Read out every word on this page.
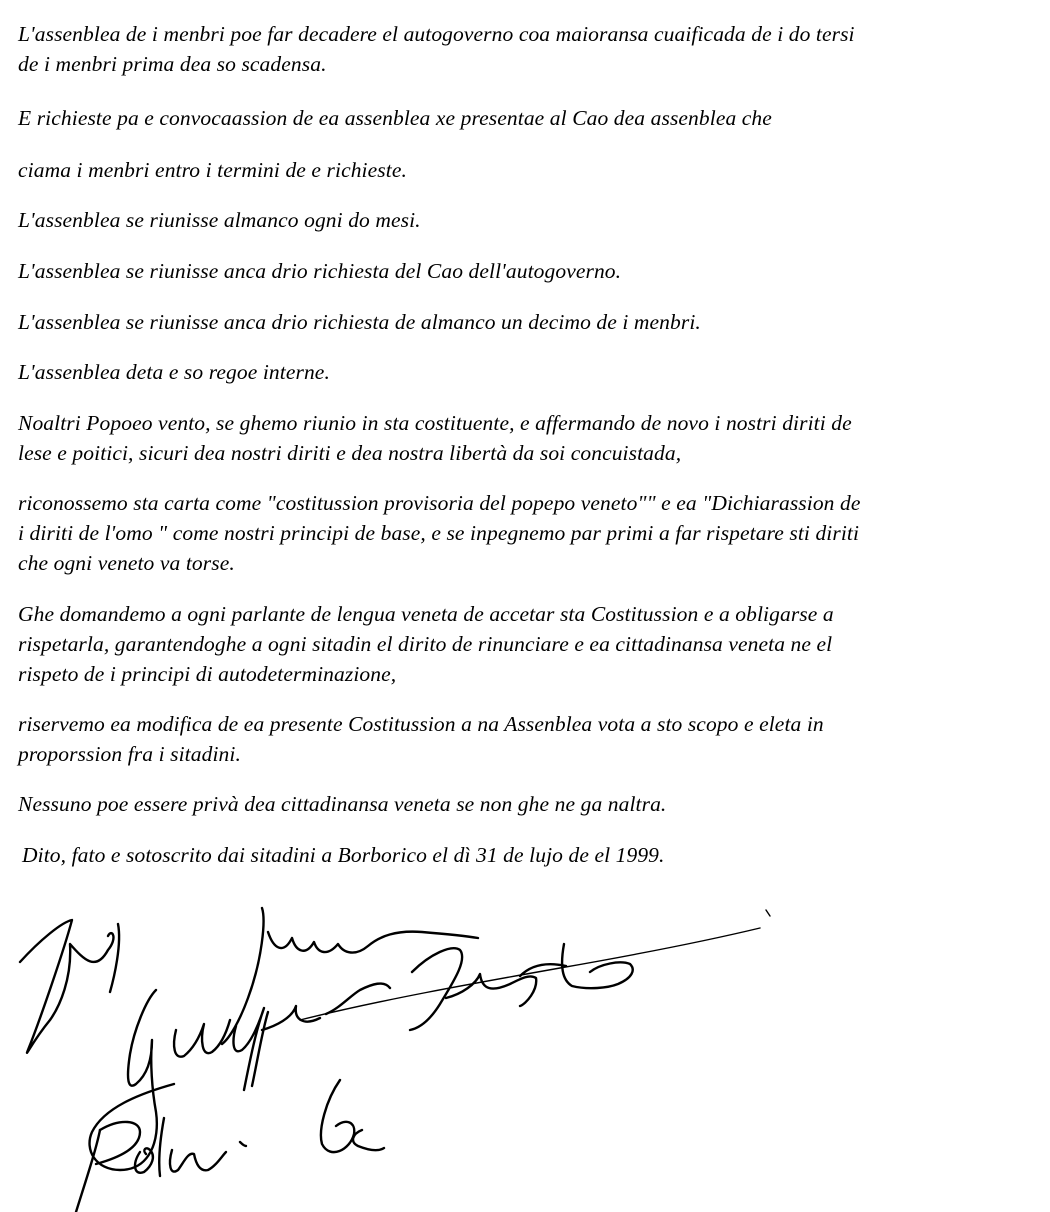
L'assenblea de i menbri poe far decadere el autogoverno coa maioransa cuaificada de i do tersi
de i menbri prima dea so scadensa.

E richieste pa e convocaassion de ea assenblea xe presentae al Cao dea assenblea che

ciama i menbri entro i termini de e richieste.

L'assenblea se riunisse almanco ogni do mesi.

L'assenblea se riunisse anca drio richiesta del Cao dell'autogoverno.

L'assenblea se riunisse anca drio richiesta de almanco un decimo de i menbri.

L'assenblea deta e so regoe interne.

Noaltri Popoeo vento, se ghemo riunio in sta costituente, e affermando de novo i nostri diriti de
lese e poitici, sicuri dea nostri diriti e dea nostra libertà da soi concuistada,

riconossemo sta carta come "costitussion provisoria del popepo veneto"" e ea "Dichiarassion de
i diriti de l'omo " come nostri principi de base, e se inpegnemo par primi a far rispetare sti diriti
che ogni veneto va torse.

Ghe domandemo a ogni parlante de lengua veneta de accetar sta Costitussion e a obligarse a
rispetarla, garantendoghe a ogni sitadin el dirito de rinunciare e ea cittadinansa veneta ne el
rispeto de i principi di autodeterminazione,

riservemo ea modifica de ea presente Costitussion a na Assenblea vota a sto scopo e eleta in
proporssion fra i sitadini.

Nessuno poe essere privà dea cittadinansa veneta se non ghe ne ga naltra.

Dito, fato e sotoscrito dai sitadini a Borborico el dì 31 de lujo de el 1999.
